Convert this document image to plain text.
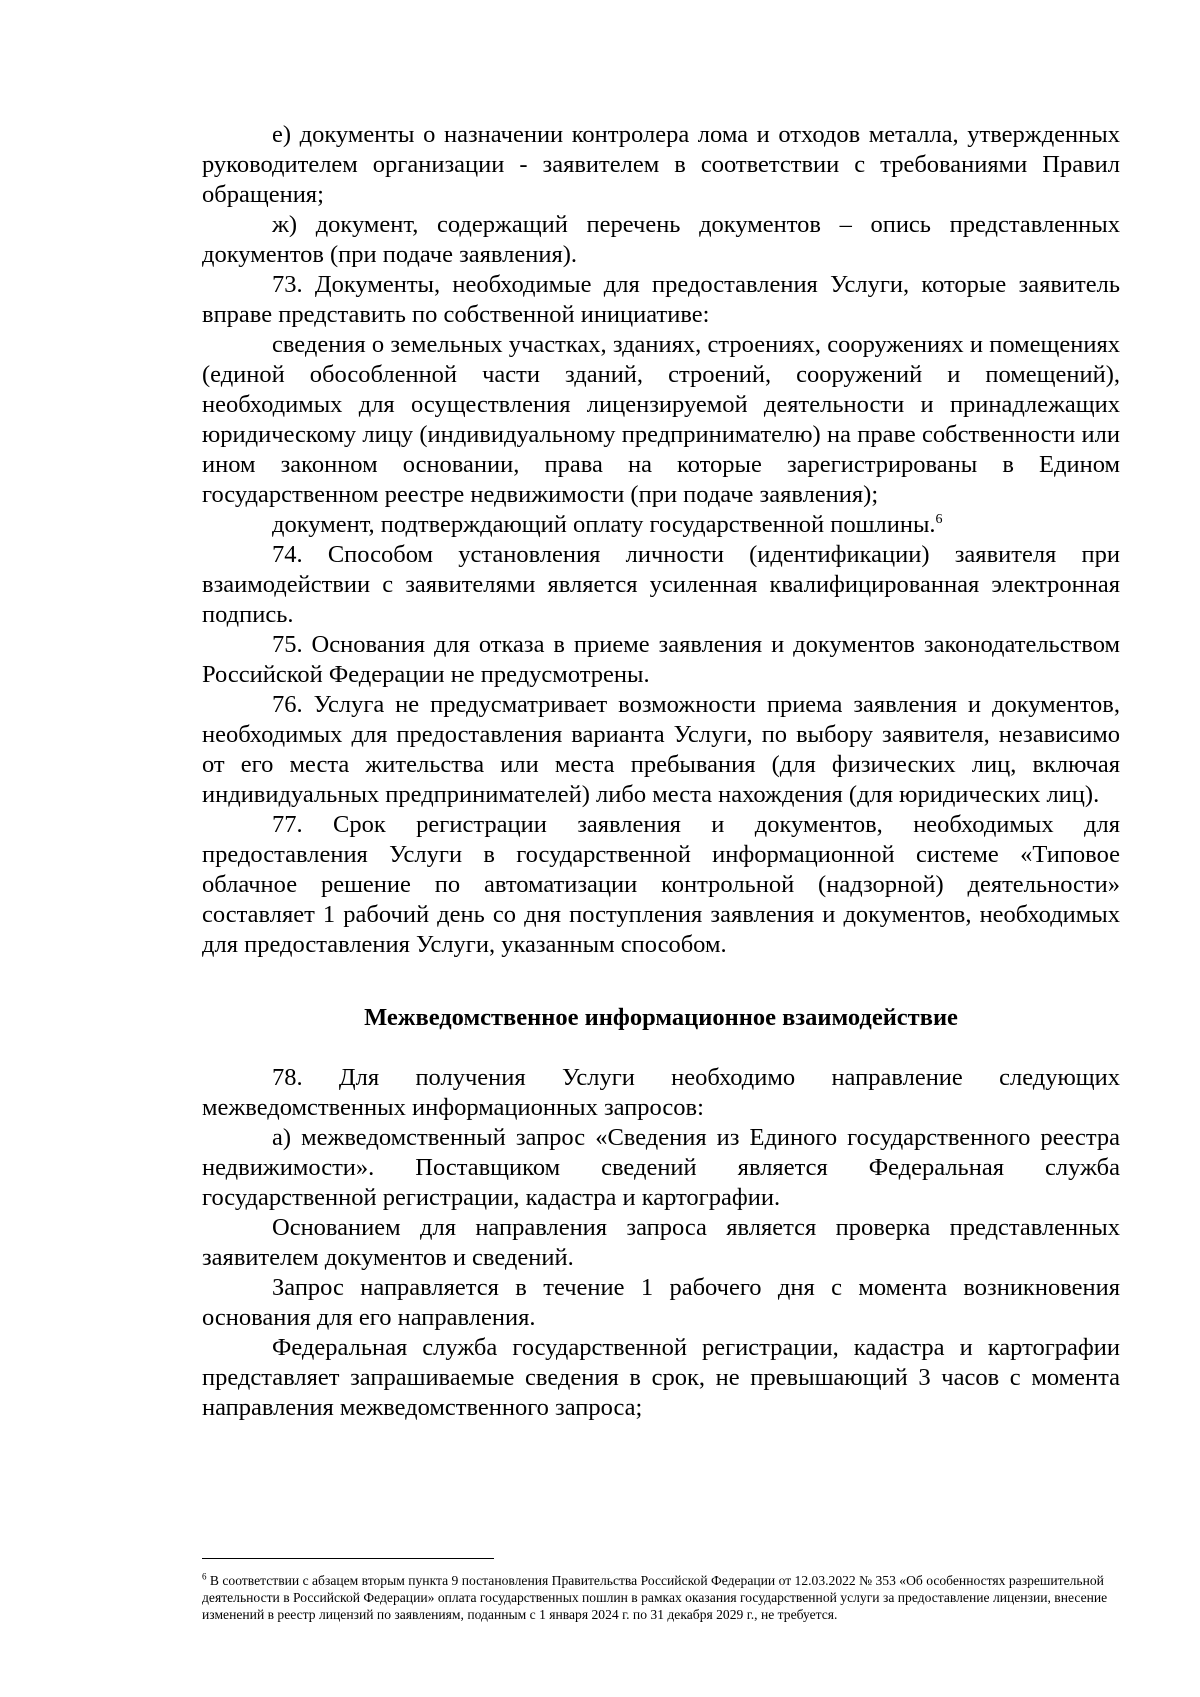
е) документы о назначении контролера лома и отходов металла, утвержденных руководителем организации - заявителем в соответствии с требованиями Правил обращения;

ж) документ, содержащий перечень документов – опись представленных документов (при подаче заявления).

73. Документы, необходимые для предоставления Услуги, которые заявитель вправе представить по собственной инициативе:

сведения о земельных участках, зданиях, строениях, сооружениях и помещениях (единой обособленной части зданий, строений, сооружений и помещений), необходимых для осуществления лицензируемой деятельности и принадлежащих юридическому лицу (индивидуальному предпринимателю) на праве собственности или ином законном основании, права на которые зарегистрированы в Едином государственном реестре недвижимости (при подаче заявления);

документ, подтверждающий оплату государственной пошлины.$^6$

74. Способом установления личности (идентификации) заявителя при взаимодействии с заявителями является усиленная квалифицированная электронная подпись.

75. Основания для отказа в приеме заявления и документов законодательством Российской Федерации не предусмотрены.

76. Услуга не предусматривает возможности приема заявления и документов, необходимых для предоставления варианта Услуги, по выбору заявителя, независимо от его места жительства или места пребывания (для физических лиц, включая индивидуальных предпринимателей) либо места нахождения (для юридических лиц).

77. Срок регистрации заявления и документов, необходимых для предоставления Услуги в государственной информационной системе «Типовое облачное решение по автоматизации контрольной (надзорной) деятельности» составляет 1 рабочий день со дня поступления заявления и документов, необходимых для предоставления Услуги, указанным способом.

Межведомственное информационное взаимодействие

78. Для получения Услуги необходимо направление следующих межведомственных информационных запросов:

а) межведомственный запрос «Сведения из Единого государственного реестра недвижимости». Поставщиком сведений является Федеральная служба государственной регистрации, кадастра и картографии.

Основанием для направления запроса является проверка представленных заявителем документов и сведений.

Запрос направляется в течение 1 рабочего дня с момента возникновения основания для его направления.

Федеральная служба государственной регистрации, кадастра и картографии представляет запрашиваемые сведения в срок, не превышающий 3 часов с момента направления межведомственного запроса;

$^6$ В соответствии с абзацем вторым пункта 9 постановления Правительства Российской Федерации от 12.03.2022 № 353 «Об особенностях разрешительной деятельности в Российской Федерации» оплата государственных пошлин в рамках оказания государственной услуги за предоставление лицензии, внесение изменений в реестр лицензий по заявлениям, поданным с 1 января 2024 г. по 31 декабря 2029 г., не требуется.
